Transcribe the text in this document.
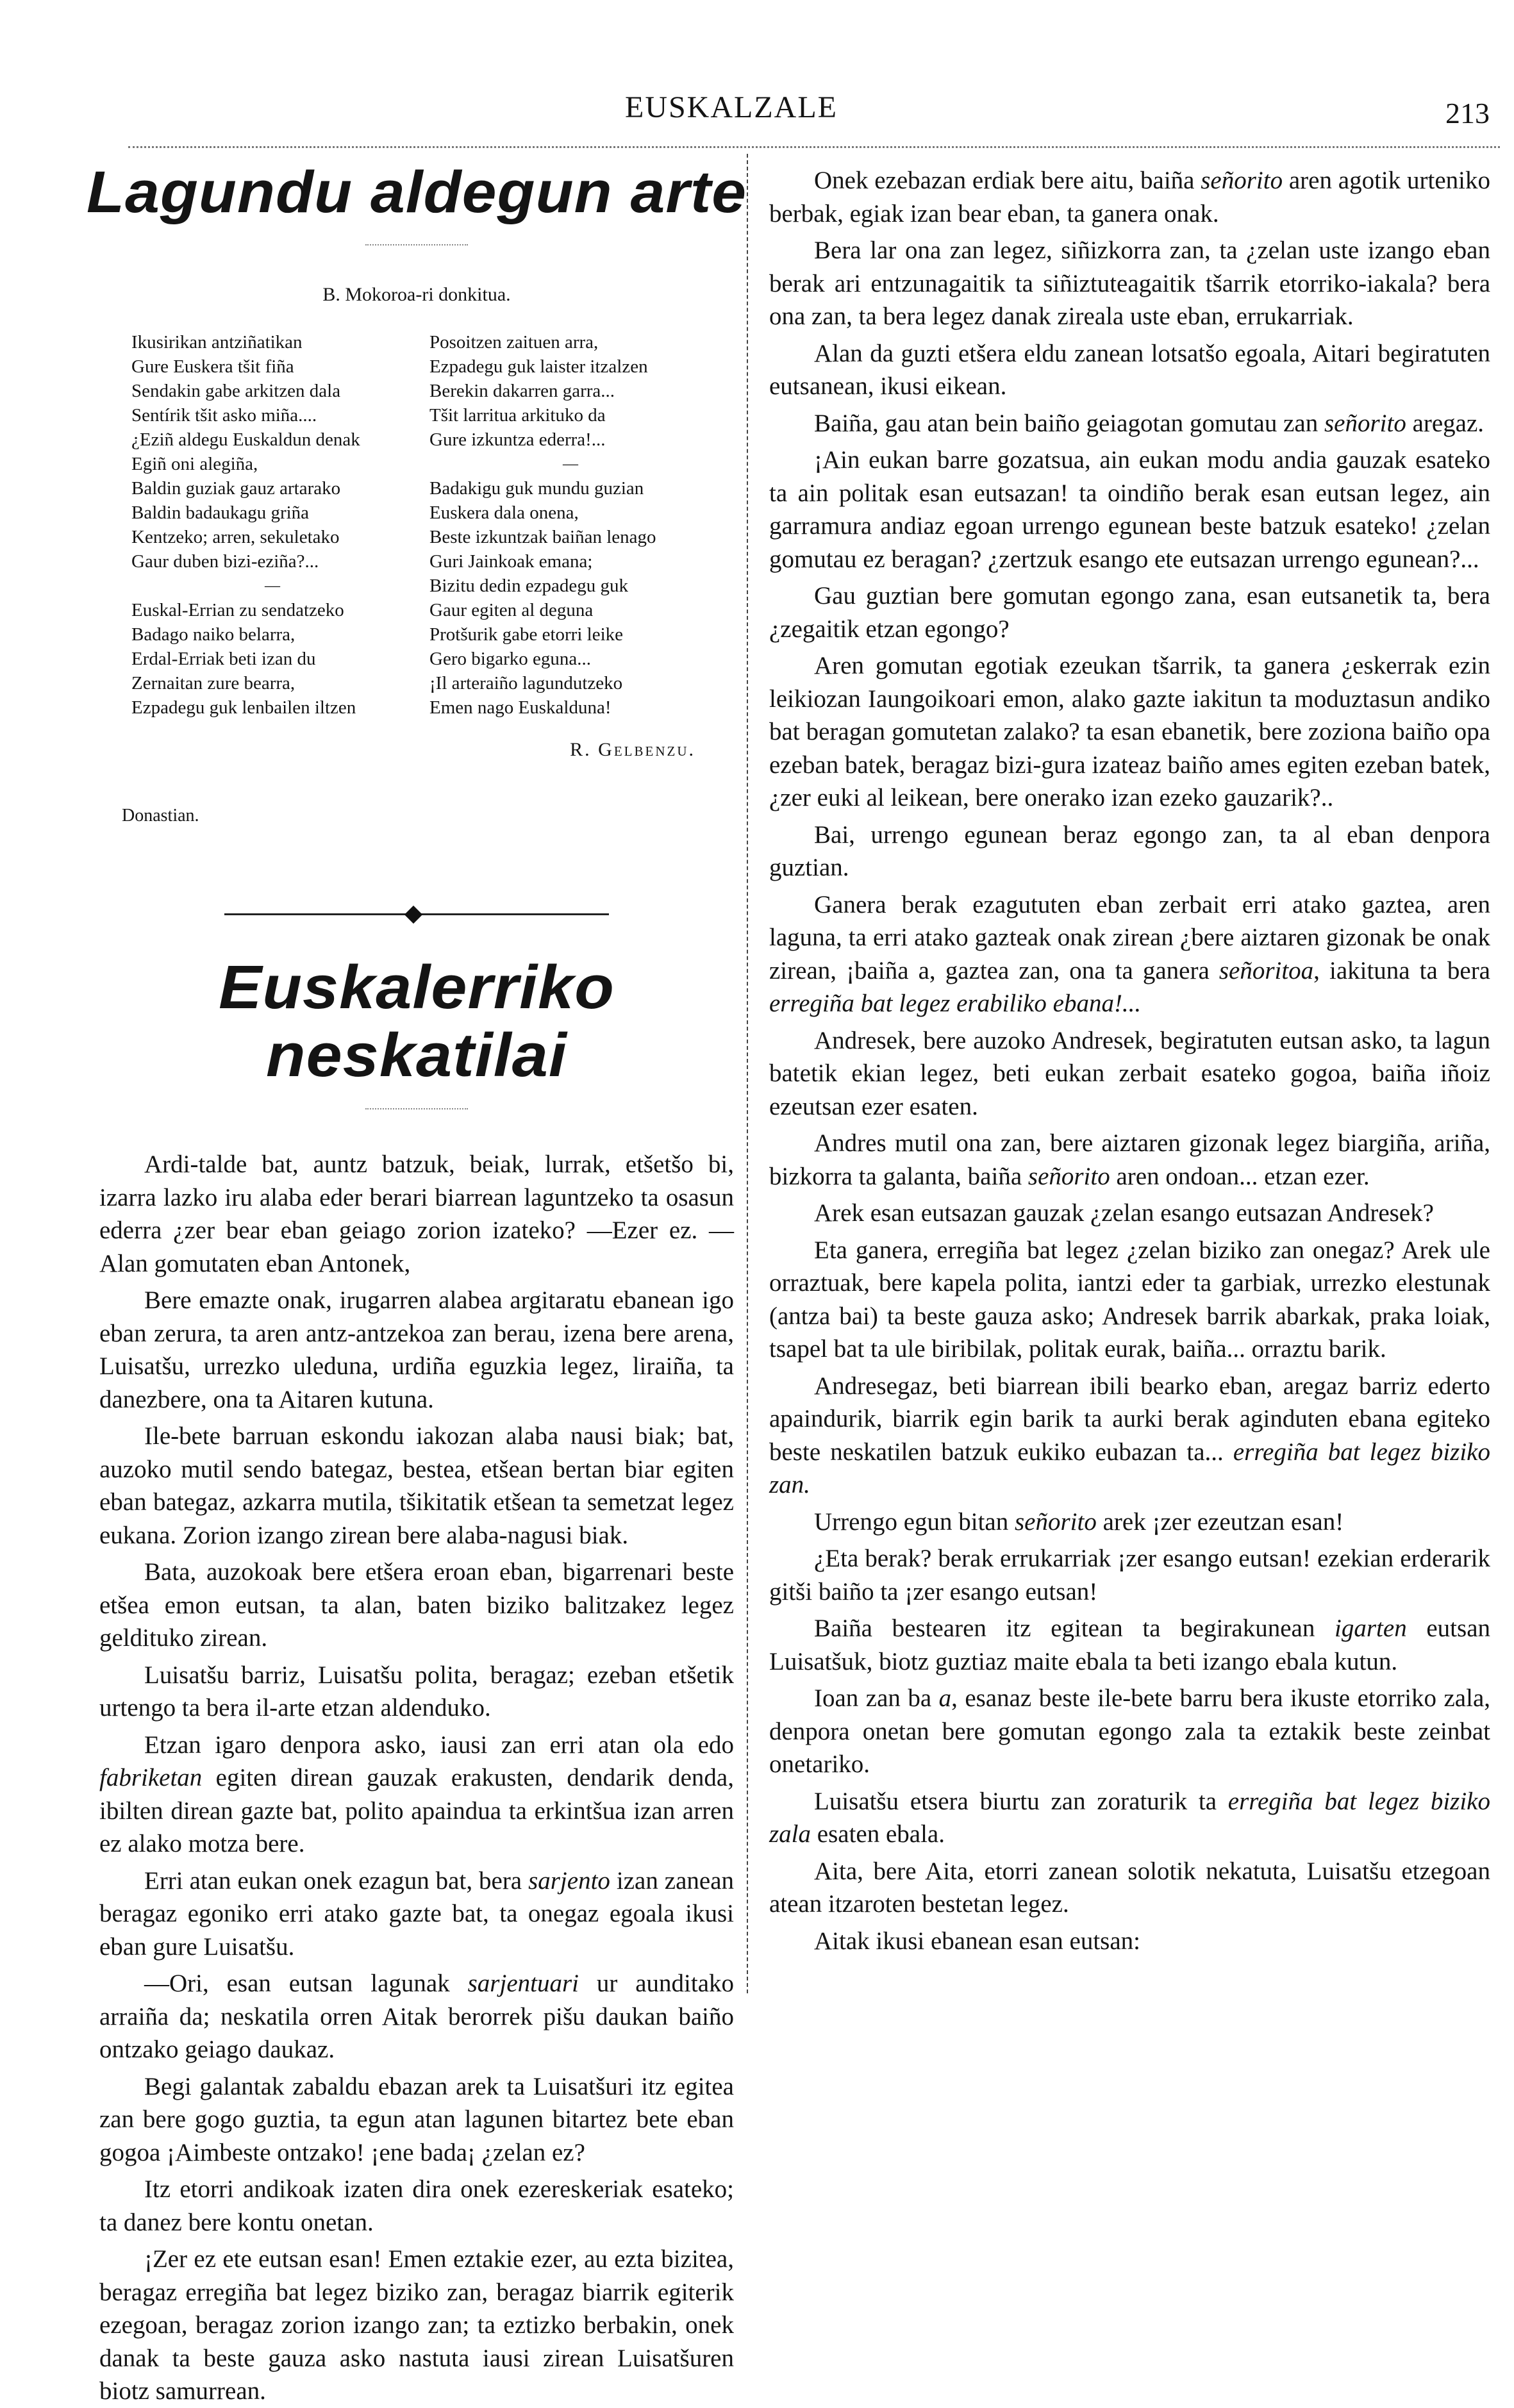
EUSKALZALE	213
Lagundu aldegun arte
B. Mokoroa-ri donkitua.
Ikusirikan antziñatikan
Gure Euskera tšit fiña
Sendakin gabe arkitzen dala
Sentírik tšit asko miña....
¿Eziñ aldegu Euskaldun denak
Egiñ oni alegiña,
Baldin guziak gauz artarako
Baldin badaukagu griña
Kentzeko; arren, sekuletako
Gaur duben bizi-eziña?...
—
Euskal-Errian zu sendatzeko
Badago naiko belarra,
Erdal-Erriak beti izan du
Zernaitan zure bearra,
Ezpadegu guk lenbailen iltzen
Posoitzen zaituen arra,
Ezpadegu guk laister itzalzen
Berekin dakarren garra...
Tšit larritua arkituko da
Gure izkuntza ederra!...
—
Badakigu guk mundu guzian
Euskera dala onena,
Beste izkuntzak baiñan lenago
Guri Jainkoak emana;
Bizitu dedin ezpadegu guk
Gaur egiten al deguna
Protšurik gabe etorri leike
Gero bigarko eguna...
¡Il arteraiño lagundutzeko
Emen nago Euskalduna!
R. Gelbenzu.
Donastian.
Euskalerriko neskatilai

Ardi-talde bat, auntz batzuk, beiak, lurrak, etšetšo bi, izarra lazko iru alaba eder berari biarrean laguntzeko ta osasun ederra ¿zer bear eban geiago zorion izateko? —Ezer ez. —Alan gomutaten eban Antonek,

Bere emazte onak, irugarren alabea argitaratu ebanean igo eban zerura, ta aren antz-antzekoa zan berau, izena bere arena, Luisatšu, urrezko uleduna, urdiña eguzkia legez, liraiña, ta danezbere, ona ta Aitaren kutuna.

Ile-bete barruan eskondu iakozan alaba nausi biak; bat, auzoko mutil sendo bategaz, bestea, etšean bertan biar egiten eban bategaz, azkarra mutila, tšikitatik etšean ta semetzat legez eukana. Zorion izango zirean bere alaba-nagusi biak.

Bata, auzokoak bere etšera eroan eban, bigarrenari beste etšea emon eutsan, ta alan, baten biziko balitzakez legez geldituko zirean.

Luisatšu barriz, Luisatšu polita, beragaz; ezeban etšetik urtengo ta bera il-arte etzan aldenduko.

Etzan igaro denpora asko, iausi zan erri atan ola edo fabriketan egiten direan gauzak erakusten, dendarik denda, ibilten direan gazte bat, polito apaindua ta erkintšua izan arren ez alako motza bere.

Erri atan eukan onek ezagun bat, bera sarjento izan zanean beragaz egoniko erri atako gazte bat, ta onegaz egoala ikusi eban gure Luisatšu.

—Ori, esan eutsan lagunak sarjentuari ur aunditako arraiña da; neskatila orren Aitak berorrek pišu daukan baiño ontzako geiago daukaz.

Begi galantak zabaldu ebazan arek ta Luisatšuri itz egitea zan bere gogo guztia, ta egun atan lagunen bitartez bete eban gogoa ¡Aimbeste ontzako! ¡ene bada¡ ¿zelan ez?

Itz etorri andikoak izaten dira onek ezereskeriak esateko; ta danez bere kontu onetan.

¡Zer ez ete eutsan esan! Emen eztakie ezer, au ezta bizitea, beragaz erregiña bat legez biziko zan, beragaz biarrik egiterik ezegoan, beragaz zorion izango zan; ta eztizko berbakin, onek danak ta beste gauza asko nastuta iausi zirean Luisatšuren biotz samurrean.

Onek ezebazan erdiak bere aitu, baiña señorito aren agotik urteniko berbak, egiak izan bear eban, ta ganera onak.

Bera lar ona zan legez, siñizkorra zan, ta ¿zelan uste izango eban berak ari entzunagaitik ta siñiztuteagaitik tšarrik etorriko-iakala? bera ona zan, ta bera legez danak zireala uste eban, errukarriak.

Alan da guzti etšera eldu zanean lotsatšo egoala, Aitari begiratuten eutsanean, ikusi eikean.

Baiña, gau atan bein baiño geiagotan gomutau zan señorito aregaz.

¡Ain eukan barre gozatsua, ain eukan modu andia gauzak esateko ta ain politak esan eutsazan! ta oindiño berak esan eutsan legez, ain garramura andiaz egoan urrengo egunean beste batzuk esateko! ¿zelan gomutau ez beragan? ¿zertzuk esango ete eutsazan urrengo egunean?...

Gau guztian bere gomutan egongo zana, esan eutsanetik ta, bera ¿zegaitik etzan egongo?

Aren gomutan egotiak ezeukan tšarrik, ta ganera ¿eskerrak ezin leikiozan Iaungoikoari emon, alako gazte iakitun ta moduztasun andiko bat beragan gomutetan zalako? ta esan ebanetik, bere zoziona baiño opa ezeban batek, beragaz bizi-gura izateaz baiño ames egiten ezeban batek, ¿zer euki al leikean, bere onerako izan ezeko gauzarik?..

Bai, urrengo egunean beraz egongo zan, ta al eban denpora guztian.

Ganera berak ezagututen eban zerbait erri atako gaztea, aren laguna, ta erri atako gazteak onak zirean ¿bere aiztaren gizonak be onak zirean, ¡baiña a, gaztea zan, ona ta ganera señoritoa, iakituna ta bera erregiña bat legez erabiliko ebana!...

Andresek, bere auzoko Andresek, begiratuten eutsan asko, ta lagun batetik ekian legez, beti eukan zerbait esateko gogoa, baiña iñoiz ezeutsan ezer esaten.

Andres mutil ona zan, bere aiztaren gizonak legez biargiña, ariña, bizkorra ta galanta, baiña señorito aren ondoan... etzan ezer.

Arek esan eutsazan gauzak ¿zelan esango eutsazan Andresek?

Eta ganera, erregiña bat legez ¿zelan biziko zan onegaz? Arek ule orraztuak, bere kapela polita, iantzi eder ta garbiak, urrezko elestunak (antza bai) ta beste gauza asko; Andresek barrik abarkak, praka loiak, tsapel bat ta ule biribilak, politak eurak, baiña... orraztu barik.

Andresegaz, beti biarrean ibili bearko eban, aregaz barriz ederto apaindurik, biarrik egin barik ta aurki berak aginduten ebana egiteko beste neskatilen batzuk eukiko eubazan ta... erregiña bat legez biziko zan.

Urrengo egun bitan señorito arek ¡zer ezeutzan esan!

¿Eta berak? berak errukarriak ¡zer esango eutsan! ezekian erderarik gitši baiño ta ¡zer esango eutsan!

Baiña bestearen itz egitean ta begirakunean igarten eutsan Luisatšuk, biotz guztiaz maite ebala ta beti izango ebala kutun.

Ioan zan ba a, esanaz beste ile-bete barru bera ikuste etorriko zala, denpora onetan bere gomutan egongo zala ta eztakik beste zeinbat onetariko.

Luisatšu etsera biurtu zan zoraturik ta erregiña bat legez biziko zala esaten ebala.

Aita, bere Aita, etorri zanean solotik nekatuta, Luisatšu etzegoan atean itzaroten bestetan legez.

Aitak ikusi ebanean esan eutsan:
